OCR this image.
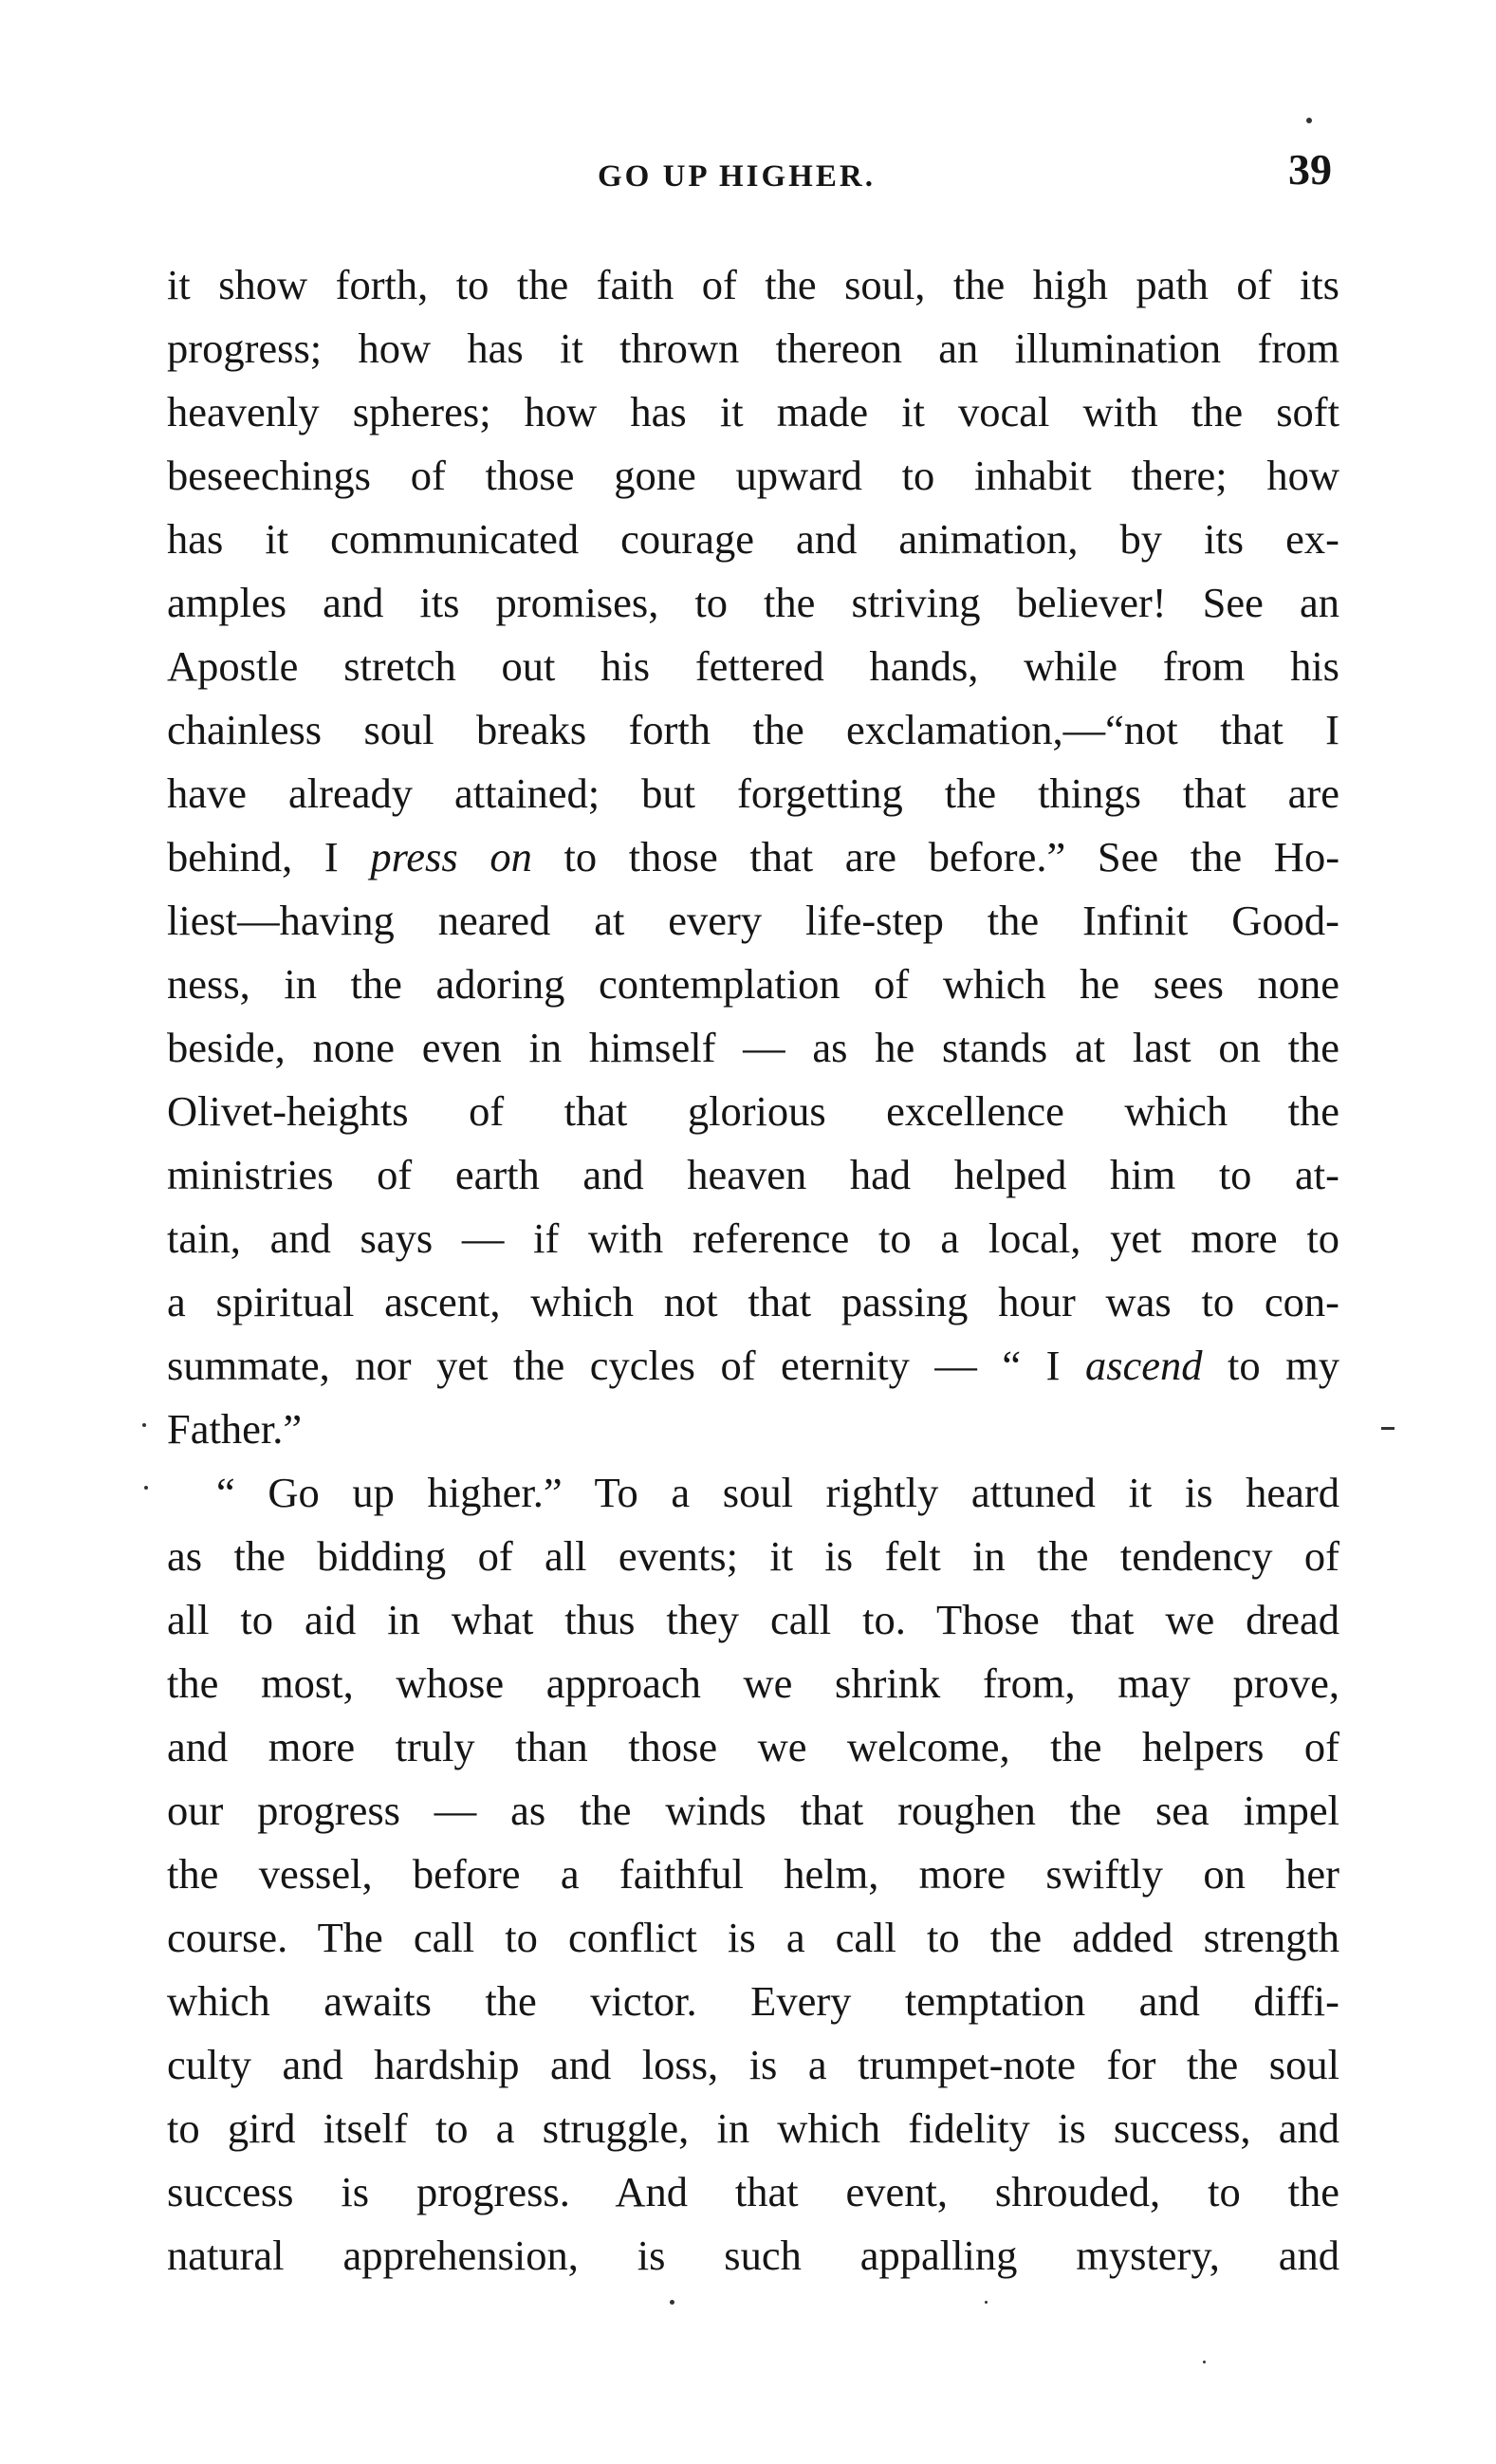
GO UP HIGHER.	39
it show forth, to the faith of the soul, the high path of its
progress; how has it thrown thereon an illumination from
heavenly spheres; how has it made it vocal with the soft
beseechings of those gone upward to inhabit there; how
has it communicated courage and animation, by its ex-
amples and its promises, to the striving believer! See an
Apostle stretch out his fettered hands, while from his
chainless soul breaks forth the exclamation,—“not that I
have already attained; but forgetting the things that are
behind, I press on to those that are before.” See the Ho-
liest—having neared at every life-step the Infinit Good-
ness, in the adoring contemplation of which he sees none
beside, none even in himself — as he stands at last on the
Olivet-heights of that glorious excellence which the
ministries of earth and heaven had helped him to at-
tain, and says — if with reference to a local, yet more to
a spiritual ascent, which not that passing hour was to con-
summate, nor yet the cycles of eternity — “ I ascend to my
Father.”
“ Go up higher.” To a soul rightly attuned it is heard
as the bidding of all events; it is felt in the tendency of
all to aid in what thus they call to. Those that we dread
the most, whose approach we shrink from, may prove,
and more truly than those we welcome, the helpers of
our progress — as the winds that roughen the sea impel
the vessel, before a faithful helm, more swiftly on her
course. The call to conflict is a call to the added strength
which awaits the victor. Every temptation and diffi-
culty and hardship and loss, is a trumpet-note for the soul
to gird itself to a struggle, in which fidelity is success, and
success is progress. And that event, shrouded, to the
natural apprehension, is such appalling mystery, and
